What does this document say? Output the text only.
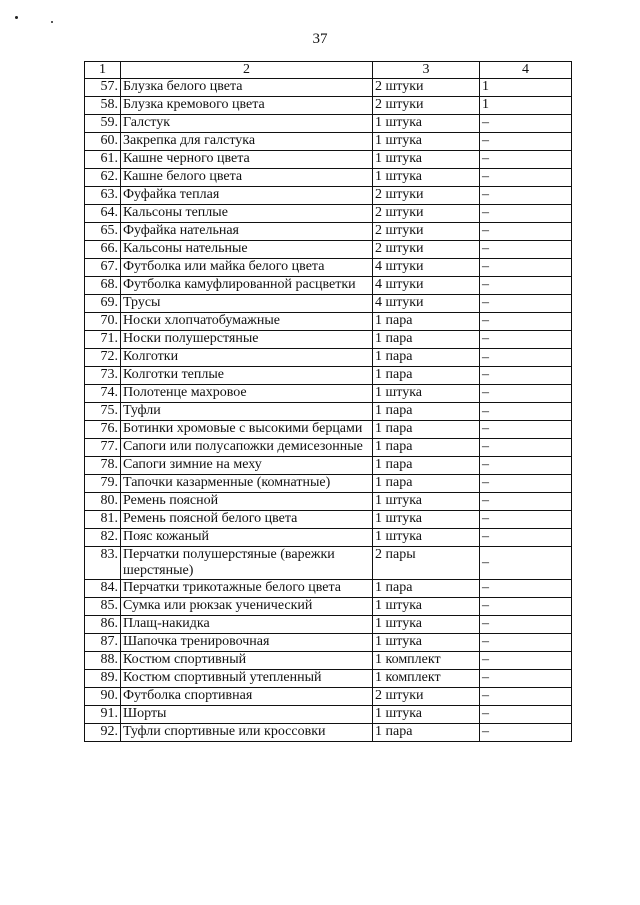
37
1	2	3	4
57.	Блузка белого цвета	2 штуки	1
58.	Блузка кремового цвета	2 штуки	1
59.	Галстук	1 штука	–
60.	Закрепка для галстука	1 штука	–
61.	Кашне черного цвета	1 штука	–
62.	Кашне белого цвета	1 штука	–
63.	Фуфайка теплая	2 штуки	–
64.	Кальсоны теплые	2 штуки	–
65.	Фуфайка нательная	2 штуки	–
66.	Кальсоны нательные	2 штуки	–
67.	Футболка или майка белого цвета	4 штуки	–
68.	Футболка камуфлированной расцветки	4 штуки	–
69.	Трусы	4 штуки	–
70.	Носки хлопчатобумажные	1 пара	–
71.	Носки полушерстяные	1 пара	–
72.	Колготки	1 пара	–
73.	Колготки теплые	1 пара	–
74.	Полотенце махровое	1 штука	–
75.	Туфли	1 пара	–
76.	Ботинки хромовые с высокими берцами	1 пара	–
77.	Сапоги или полусапожки демисезонные	1 пара	–
78.	Сапоги зимние на меху	1 пара	–
79.	Тапочки казарменные (комнатные)	1 пара	–
80.	Ремень поясной	1 штука	–
81.	Ремень поясной белого цвета	1 штука	–
82.	Пояс кожаный	1 штука	–
83.	Перчатки полушерстяные (варежки шерстяные)	2 пары	–
84.	Перчатки трикотажные белого цвета	1 пара	–
85.	Сумка или рюкзак ученический	1 штука	–
86.	Плащ-накидка	1 штука	–
87.	Шапочка тренировочная	1 штука	–
88.	Костюм спортивный	1 комплект	–
89.	Костюм спортивный утепленный	1 комплект	–
90.	Футболка спортивная	2 штуки	–
91.	Шорты	1 штука	–
92.	Туфли спортивные или кроссовки	1 пара	–
